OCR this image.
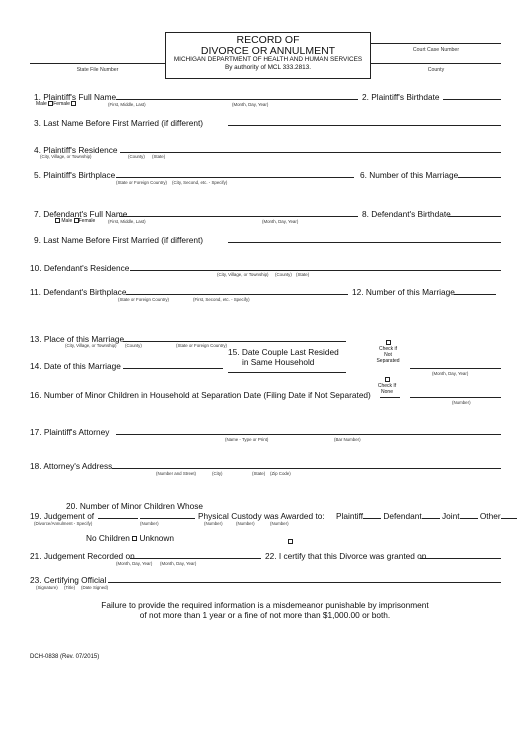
RECORD OF
DIVORCE OR ANNULMENT
MICHIGAN DEPARTMENT OF HEALTH AND HUMAN SERVICES
By authority of MCL 333.2813.
Court Case Number
County
State File Number
1. Plaintiff's Full Name	2. Plaintiff's Birthdate
Male Female	(First, Middle, Last)	(Month, Day, Year)
3. Last Name Before First Married (if different)
4. Plaintiff's Residence
(City, Village, or Township)	(County) (State)
5. Plaintiff's Birthplace	6. Number of this Marriage
(State or Foreign Country) (City, Second, etc. - Specify)
7. Defendant's Full Name	8. Defendant's Birthdate
Male Female	(First, Middle, Last)	(Month, Day, Year)
9. Last Name Before First Married (if different)
10. Defendant's Residence
(City, Village, or Township) (County) (State)
11. Defendant's Birthplace	12. Number of this Marriage
(State or Foreign Country)	(First, Second, etc. - Specify)
13. Place of this Marriage
(City, Village, or Township) (County)	(State or Foreign Country)
14. Date of this Marriage
15. Date Couple Last Resided
in Same Household
Check if
Not
Separated
(Month, Day, Year)
16. Number of Minor Children in Household at Separation Date (Filing Date if Not Separated)
Check If
None
(Number)
17. Plaintiff's Attorney
(Name - Type or Print)	(Bar Number)
18. Attorney's Address
(Number and Street)	(City)	(State) (Zip Code)
20. Number of Minor Children Whose
19. Judgement of	Physical Custody was Awarded to: Plaintiff Defendant Joint Other
(Divorce/Annulment - Specify)	(Number)	(Number)	(Number)	(Number)
No Children Unknown
21. Judgement Recorded on	22. I certify that this Divorce was granted on
(Month, Day, Year) (Month, Day, Year)
23. Certifying Official
(Signature) (Title) (Date Signed)
Failure to provide the required information is a misdemeanor punishable by imprisonment
of not more than 1 year or a fine of not more than $1,000.00 or both.
DCH-0838 (Rev. 07/2015)
